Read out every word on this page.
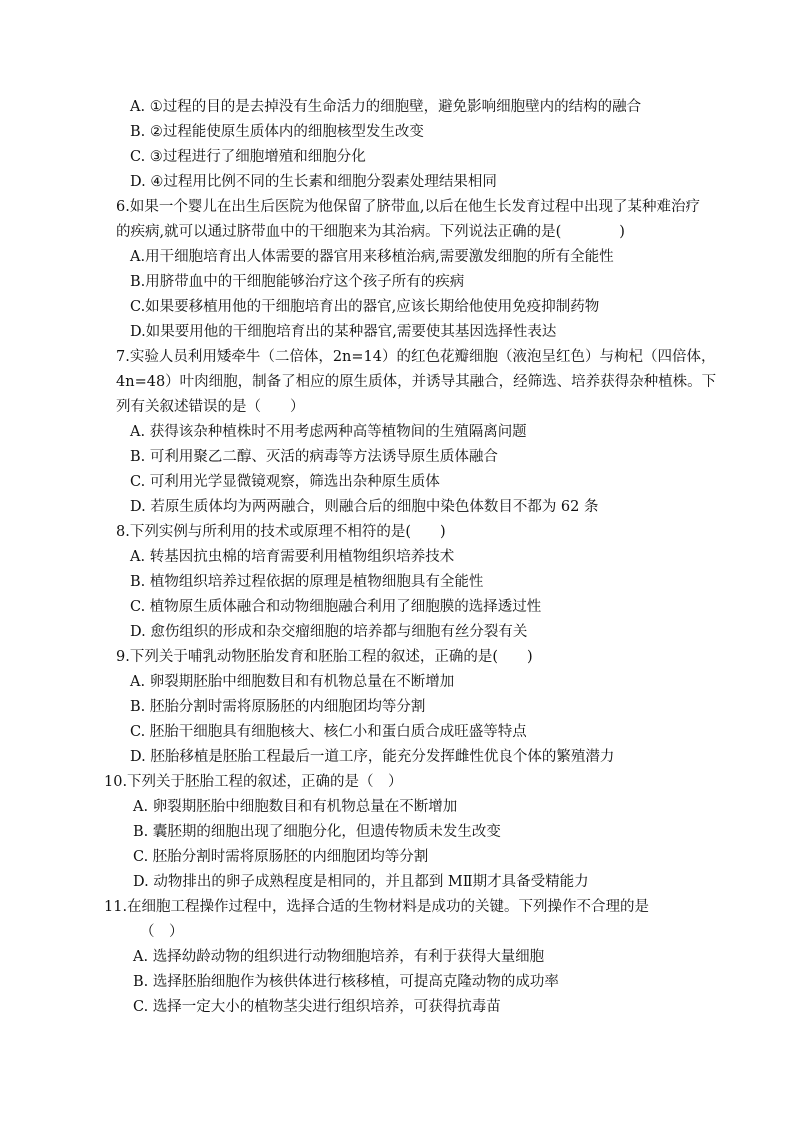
A. ①过程的目的是去掉没有生命活力的细胞壁，避免影响细胞壁内的结构的融合
B. ②过程能使原生质体内的细胞核型发生改变
C. ③过程进行了细胞增殖和细胞分化
D. ④过程用比例不同的生长素和细胞分裂素处理结果相同
6.如果一个婴儿在出生后医院为他保留了脐带血,以后在他生长发育过程中出现了某种难治疗
的疾病,就可以通过脐带血中的干细胞来为其治病。下列说法正确的是(　　　　)
A.用干细胞培育出人体需要的器官用来移植治病,需要激发细胞的所有全能性
B.用脐带血中的干细胞能够治疗这个孩子所有的疾病
C.如果要移植用他的干细胞培育出的器官,应该长期给他使用免疫抑制药物
D.如果要用他的干细胞培育出的某种器官,需要使其基因选择性表达
7.实验人员利用矮牵牛（二倍体，2n=14）的红色花瓣细胞（液泡呈红色）与枸杞（四倍体，
4n=48）叶肉细胞，制备了相应的原生质体，并诱导其融合，经筛选、培养获得杂种植株。下
列有关叙述错误的是（　　）
A. 获得该杂种植株时不用考虑两种高等植物间的生殖隔离问题
B. 可利用聚乙二醇、灭活的病毒等方法诱导原生质体融合
C. 可利用光学显微镜观察，筛选出杂种原生质体
D. 若原生质体均为两两融合，则融合后的细胞中染色体数目不都为 62 条
8.下列实例与所利用的技术或原理不相符的是(　　)
A. 转基因抗虫棉的培育需要利用植物组织培养技术
B. 植物组织培养过程依据的原理是植物细胞具有全能性
C. 植物原生质体融合和动物细胞融合利用了细胞膜的选择透过性
D. 愈伤组织的形成和杂交瘤细胞的培养都与细胞有丝分裂有关
9.下列关于哺乳动物胚胎发育和胚胎工程的叙述，正确的是(　　)
A. 卵裂期胚胎中细胞数目和有机物总量在不断增加
B. 胚胎分割时需将原肠胚的内细胞团均等分割
C. 胚胎干细胞具有细胞核大、核仁小和蛋白质合成旺盛等特点
D. 胚胎移植是胚胎工程最后一道工序，能充分发挥雌性优良个体的繁殖潜力
10.下列关于胚胎工程的叙述，正确的是（　）
A. 卵裂期胚胎中细胞数目和有机物总量在不断增加
B. 囊胚期的细胞出现了细胞分化，但遗传物质未发生改变
C. 胚胎分割时需将原肠胚的内细胞团均等分割
D. 动物排出的卵子成熟程度是相同的，并且都到 MⅡ期才具备受精能力
11.在细胞工程操作过程中，选择合适的生物材料是成功的关键。下列操作不合理的是
（　）
A. 选择幼龄动物的组织进行动物细胞培养，有利于获得大量细胞
B. 选择胚胎细胞作为核供体进行核移植，可提高克隆动物的成功率
C. 选择一定大小的植物茎尖进行组织培养，可获得抗毒苗
